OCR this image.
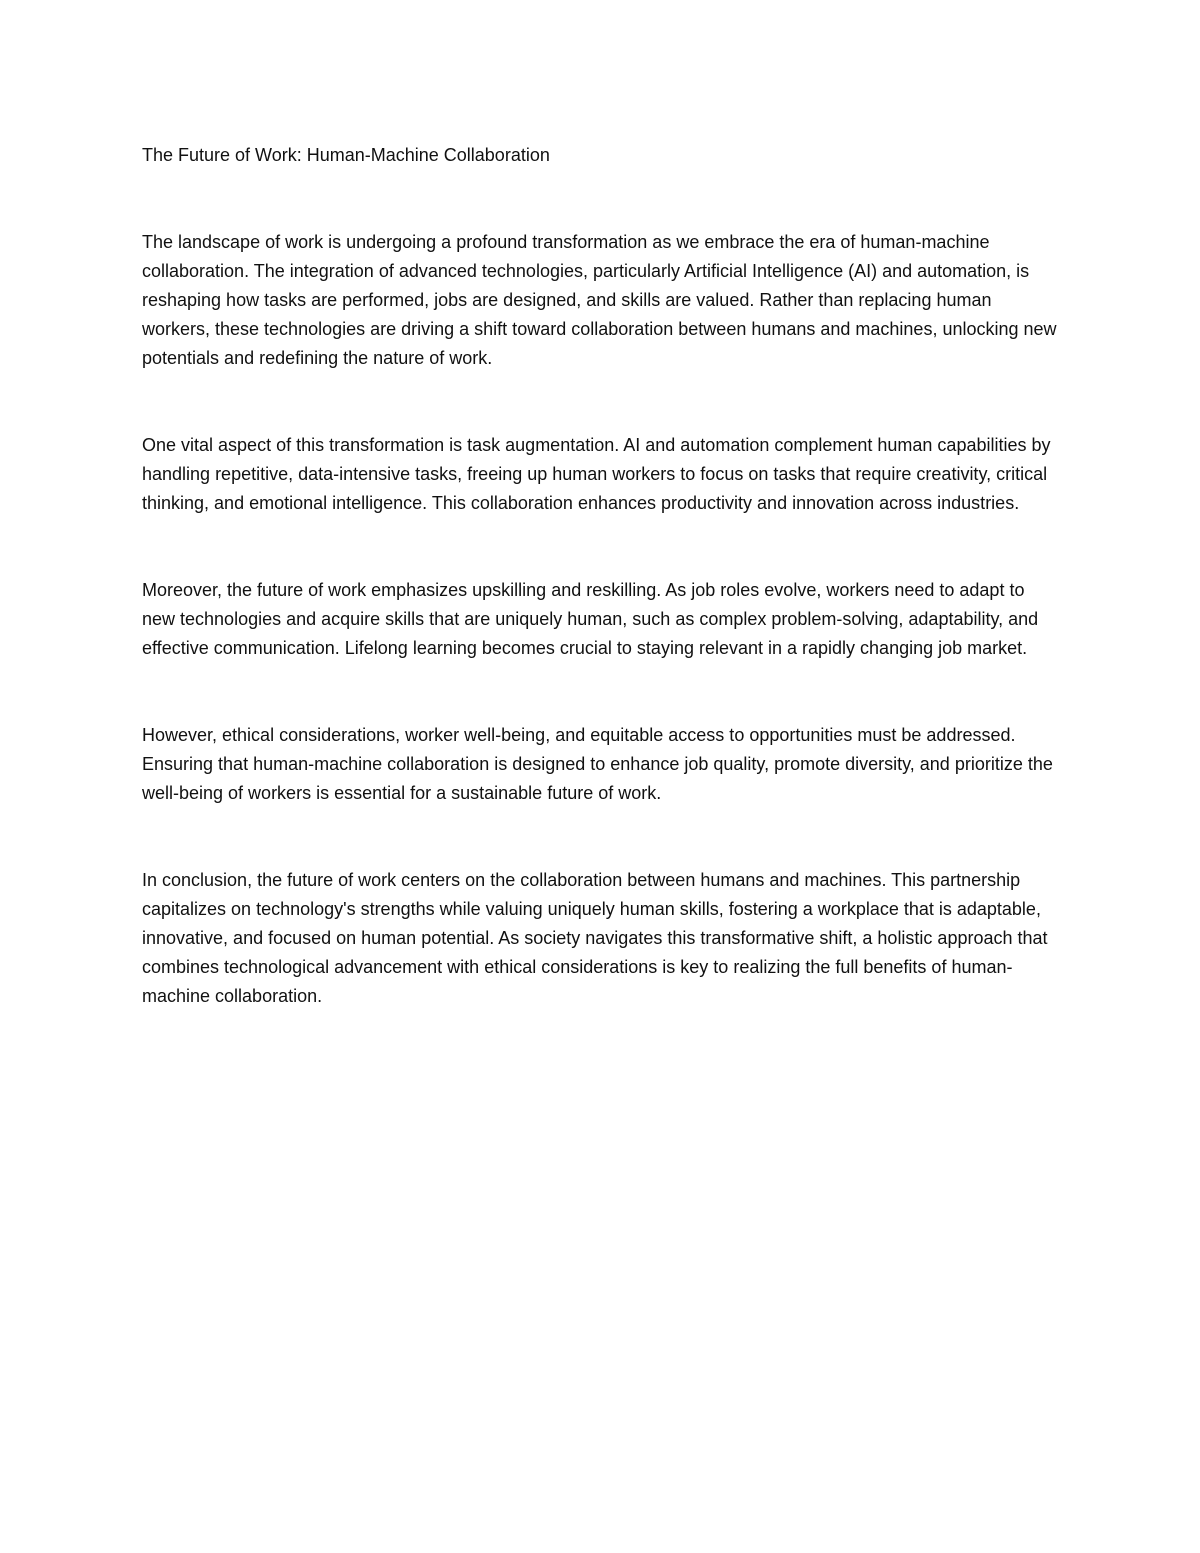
The Future of Work: Human-Machine Collaboration

The landscape of work is undergoing a profound transformation as we embrace the era of human-machine collaboration. The integration of advanced technologies, particularly Artificial Intelligence (AI) and automation, is reshaping how tasks are performed, jobs are designed, and skills are valued. Rather than replacing human workers, these technologies are driving a shift toward collaboration between humans and machines, unlocking new potentials and redefining the nature of work.

One vital aspect of this transformation is task augmentation. AI and automation complement human capabilities by handling repetitive, data-intensive tasks, freeing up human workers to focus on tasks that require creativity, critical thinking, and emotional intelligence. This collaboration enhances productivity and innovation across industries.

Moreover, the future of work emphasizes upskilling and reskilling. As job roles evolve, workers need to adapt to new technologies and acquire skills that are uniquely human, such as complex problem-solving, adaptability, and effective communication. Lifelong learning becomes crucial to staying relevant in a rapidly changing job market.

However, ethical considerations, worker well-being, and equitable access to opportunities must be addressed. Ensuring that human-machine collaboration is designed to enhance job quality, promote diversity, and prioritize the well-being of workers is essential for a sustainable future of work.

In conclusion, the future of work centers on the collaboration between humans and machines. This partnership capitalizes on technology's strengths while valuing uniquely human skills, fostering a workplace that is adaptable, innovative, and focused on human potential. As society navigates this transformative shift, a holistic approach that combines technological advancement with ethical considerations is key to realizing the full benefits of human-machine collaboration.
